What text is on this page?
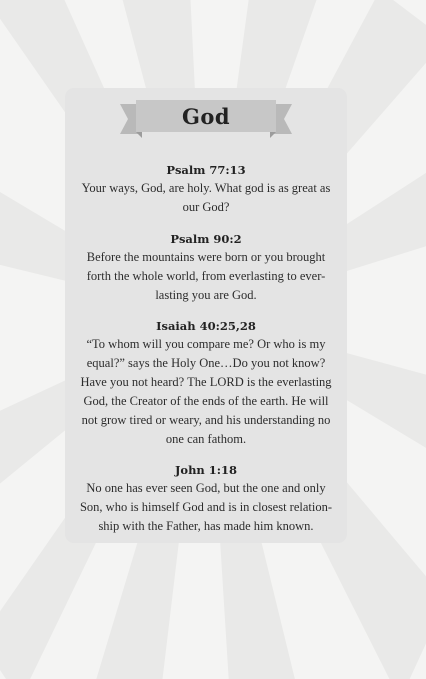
God
Psalm 77:13
Your ways, God, are holy. What god is as great as our God?
Psalm 90:2
Before the mountains were born or you brought forth the whole world, from everlasting to ever-lasting you are God.
Isaiah 40:25,28
“To whom will you compare me? Or who is my equal?” says the Holy One…Do you not know? Have you not heard? The LORD is the everlasting God, the Creator of the ends of the earth. He will not grow tired or weary, and his understanding no one can fathom.
John 1:18
No one has ever seen God, but the one and only Son, who is himself God and is in closest relation-ship with the Father, has made him known.
